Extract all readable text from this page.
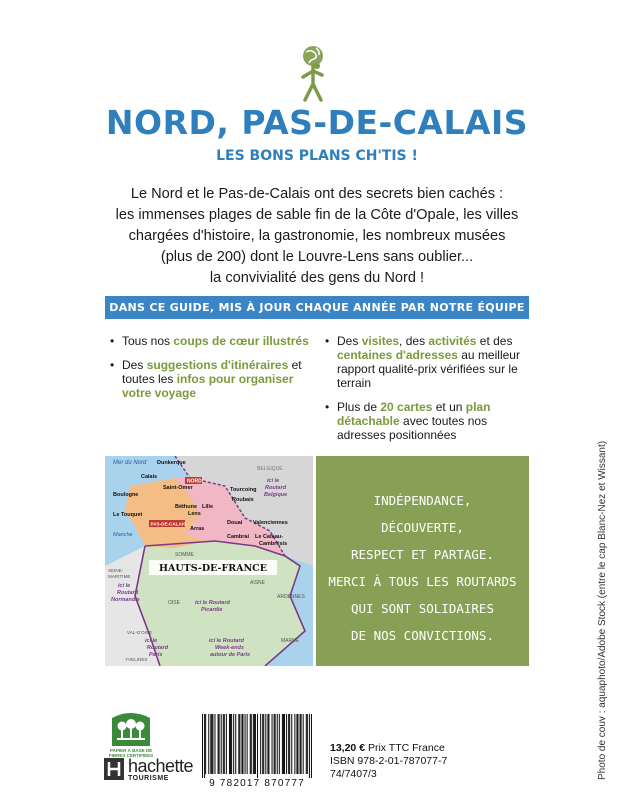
NORD, PAS-DE-CALAIS
LES BONS PLANS CH'TIS !
Le Nord et le Pas-de-Calais ont des secrets bien cachés :
les immenses plages de sable fin de la Côte d'Opale, les villes
chargées d'histoire, la gastronomie, les nombreux musées
(plus de 200) dont le Louvre-Lens sans oublier...
la convivialité des gens du Nord !
DANS CE GUIDE, MIS À JOUR CHAQUE ANNÉE PAR NOTRE ÉQUIPE
• Tous nos coups de cœur illustrés
• Des suggestions d'itinéraires et toutes les infos pour organiser votre voyage
• Des visites, des activités et des centaines d'adresses au meilleur rapport qualité-prix vérifiées sur le terrain
• Plus de 20 cartes et un plan détachable avec toutes nos adresses positionnées
Mer du Nord Dunkerque
Calais
Boulogne
Saint-Omer
Le Touquet
Manche
NORD
PAS-DE-CALAIS
Béthune
Lens
Lille
Tourcoing
Roubaix
Arras
Douai Valenciennes
Cambrai Le Cateau-
Cambrésis
BELGIQUE
ici le
Routard
Belgique
SOMME
HAUTS-DE-FRANCE
AISNE
SEINE-
MARITIME
ici le
Routard
Normandie	OISE	ici le Routard
Picardie
ARDENNES
VAL-D'OISE
ici le
Routard
Paris
YVELINES
ici le Routard
Week-ends
autour de Paris
MARNE
INDÉPENDANCE,
DÉCOUVERTE,
RESPECT ET PARTAGE.
MERCI À TOUS LES ROUTARDS
QUI SONT SOLIDAIRES
DE NOS CONVICTIONS.	Photo de couv : aquaphoto/Adobe Stock (entre le cap Blanc-Nez et Wissant)
PAPIER À BASE DE FIBRES CERTIFIÉES
hachette
TOURISME	9 782017 870777
13,20 € Prix TTC France
ISBN 978-2-01-787077-7
74/7407/3
